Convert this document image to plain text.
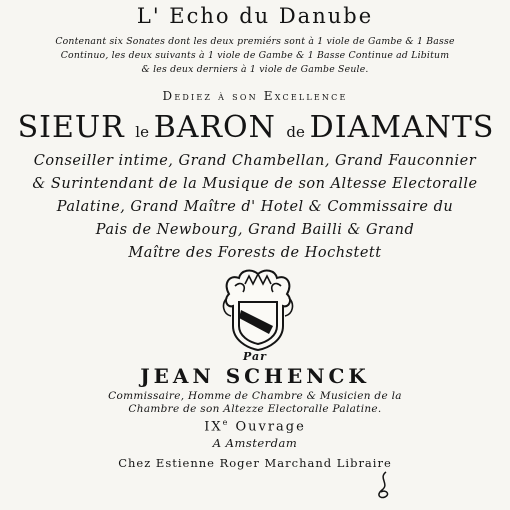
L' Echo du Danube
Contenant six Sonates dont les deux premiérs sont à 1 viole de Gambe & 1 Basse
Continuo, les deux suivants à 1 viole de Gambe & 1 Basse Continue ad Libitum
& les deux derniers à 1 viole de Gambe Seule.
Dediez à son Excellence
SIEUR le BARON de DIAMANTS
Conseiller intime, Grand Chambellan, Grand Fauconnier
& Surintendant de la Musique de son Altesse Electoralle
Palatine, Grand Maître d' Hotel & Commissaire du
Pais de Newbourg, Grand Bailli & Grand
Maître des Forests de Hochstett
Par
JEAN SCHENCK
Commissaire, Homme de Chambre & Musicien de la
Chambre de son Altezze Electoralle Palatine.
IXe Ouvrage
A Amsterdam
Chez Estienne Roger Marchand Libraire
